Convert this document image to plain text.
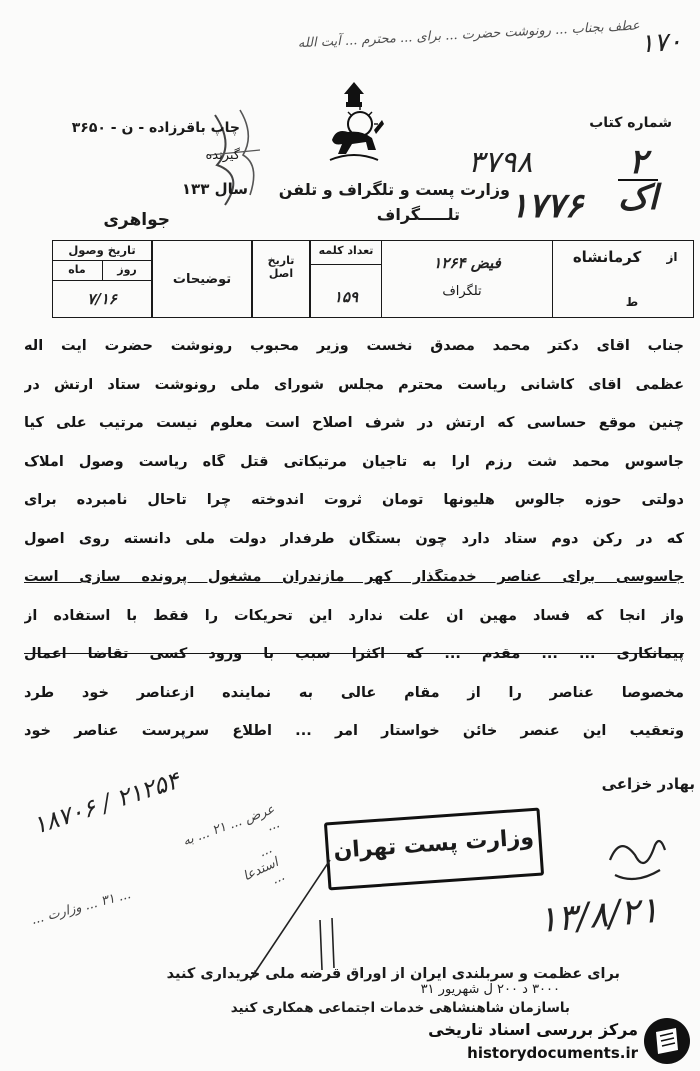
عطف بجناب ... رونوشت حضرت ... برای ... محترم ... آیت الله ۱۷۰
چاپ باقرزاده - ن - ۳۶۵۰
گیرنده
سال ۱۳۳
جواهری
شماره کتاب
وزارت پست و تلگراف و تلفن
تلـــــگراف
۳۷۹۸
۱۷۷۶
۲
اک
از
کرمانشاه
ط
فیض ۱۲۶۴
تلگراف
تعداد کلمه
۱۵۹
تاریخ اصل
توضیحات
تاریخ وصول
روز
ماه
۷/۱۶
جناب آقای دکتر محمد مصدق نخست وزیر محبوب رونوشت حضرت آیت اله
عظمی آقای کاشانی ریاست محترم مجلس شورای ملی رونوشت ستاد ارتش در
چنین موقع حساسی که ارتش در شرف اصلاح است معلوم نیست مرتیب علی کیا
جاسوس محمد شت رزم آرا به تاجیان مرتیکاتی قتل گاه ریاست وصول املاک
دولتی حوزه جالوس هلیونها تومان ثروت اندوخته چرا تاحال نامبرده برای
که در رکن دوم ستاد دارد چون بستگان طرفدار دولت ملی دانسته روی اصول
جاسوسی برای عناصر خدمتگذار کهر مازندران مشغول پرونده سازی است
واز آنجا که فساد مهین آن علت ندارد این تحریکات را فقط با استفاده از
پیمانکاری ... ... مقدم ... که اکثرا سبب با ورود کسی تقاضا اعمال
مخصوصا عناصر را از مقام عالی به نماینده ازعناصر خود طرد
وتعقیب این عنصر خائن خواستار امر ... اطلاع سرپرست عناصر خود
بهادر خزاعی
وزارت پست تهران
۱۳/۸/۲۱
۱۸۷۰۶ / ۲۱۲۵۴
عرض ... ۲۱ ... به ...
... استدعا ...
... ۳۱ ... وزارت ...
برای عظمت و سربلندی ایران از اوراق قرضه ملی خریداری کنید
۳۰۰۰ د ۲۰۰ ل شهریور ۳۱
باسازمان شاهنشاهی خدمات اجتماعی همکاری کنید
مرکز بررسی اسناد تاریخی
historydocuments.ir
